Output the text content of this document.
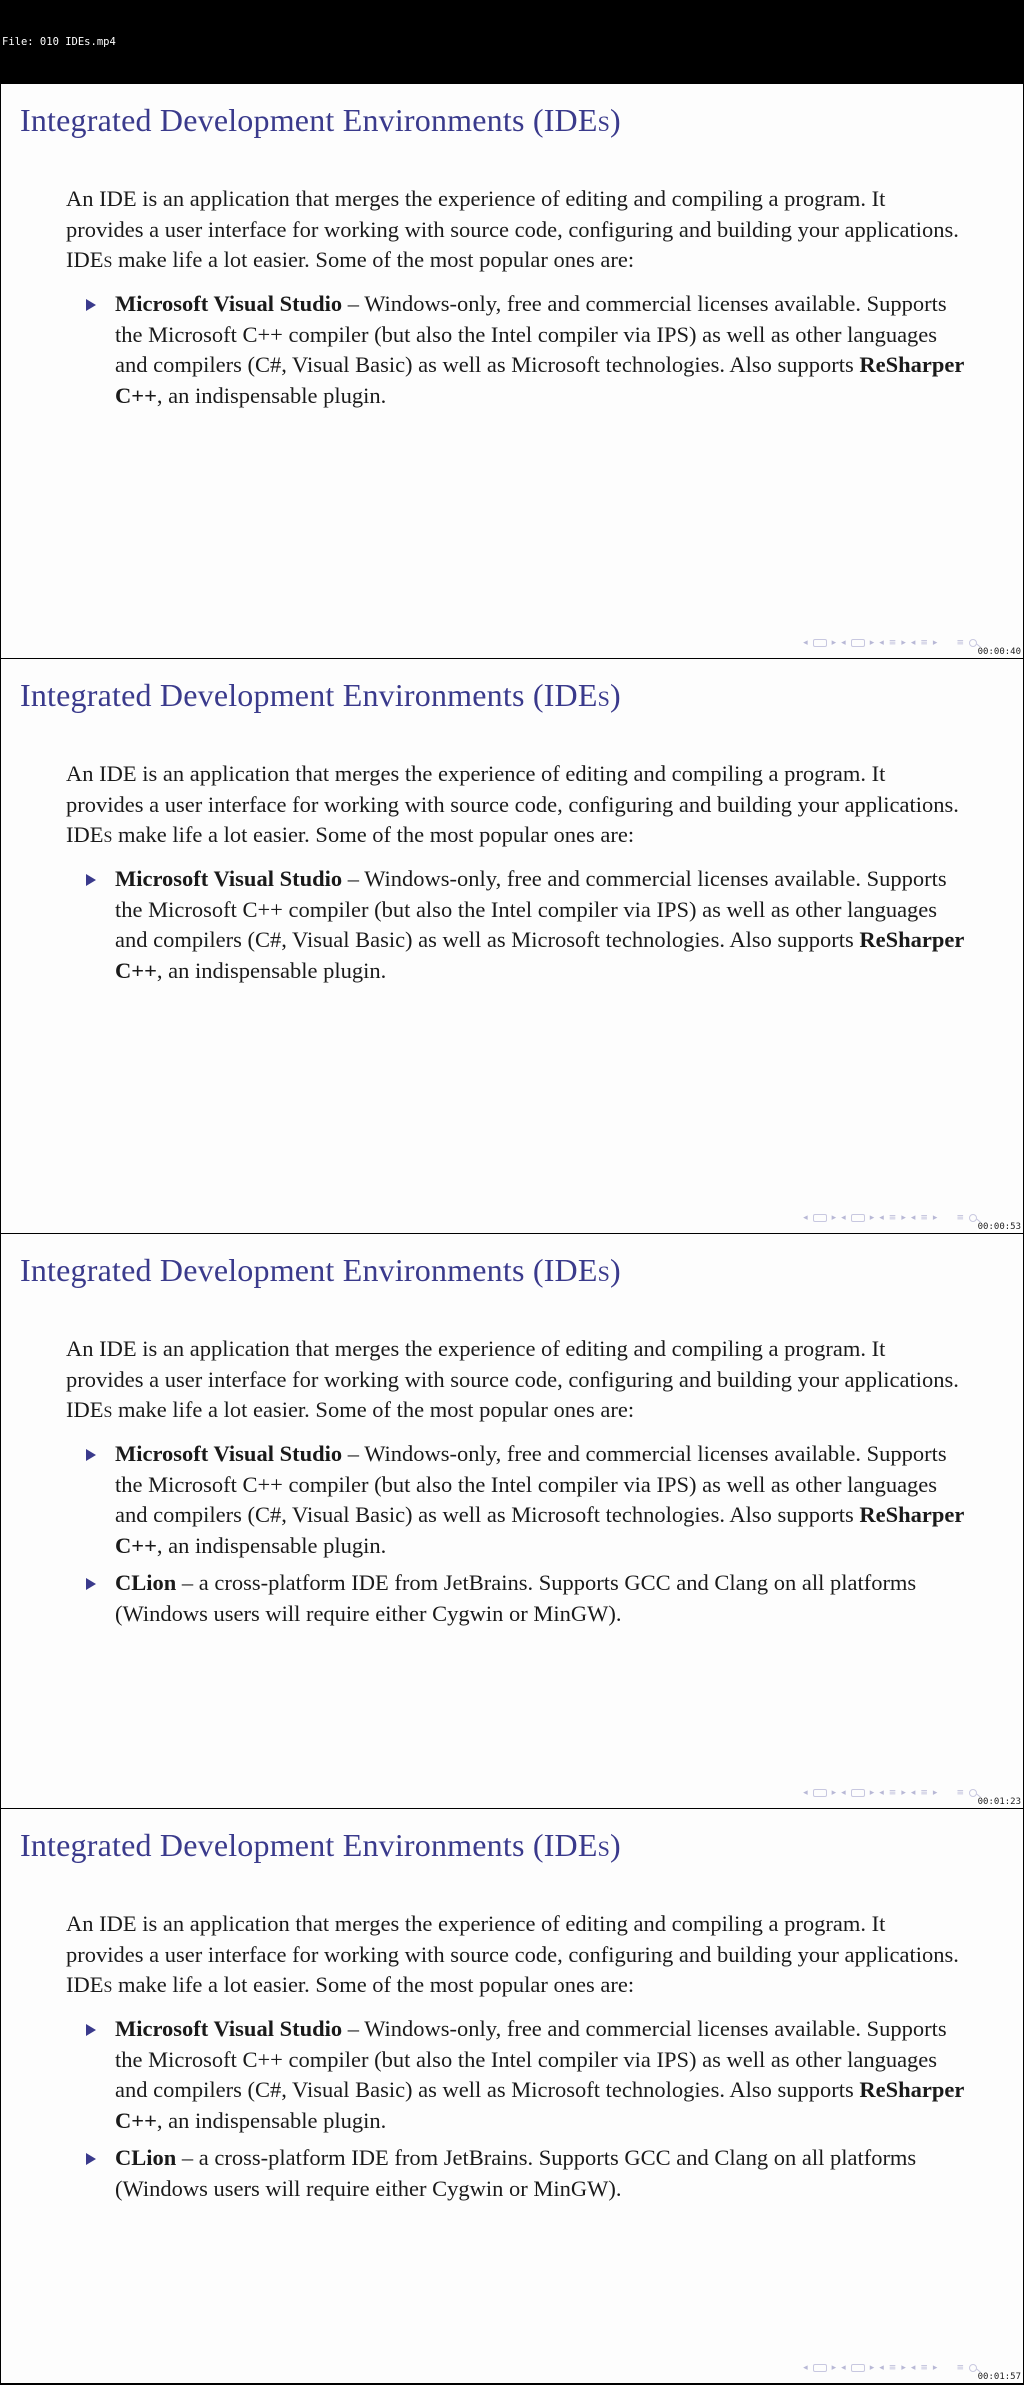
File: 010 IDEs.mp4

Integrated Development Environments (IDEs)
An IDE is an application that merges the experience of editing and compiling a program. It provides a user interface for working with source code, configuring and building your applications. IDEs make life a lot easier. Some of the most popular ones are:
Microsoft Visual Studio – Windows-only, free and commercial licenses available. Supports the Microsoft C++ compiler (but also the Intel compiler via IPS) as well as other languages and compilers (C#, Visual Basic) as well as Microsoft technologies. Also supports ReSharper C++, an indispensable plugin.
◂	▸ ◂	▸ ◂ ≡ ▸ ◂ ≡ ▸ ≡
00:00:40
Integrated Development Environments (IDEs)
An IDE is an application that merges the experience of editing and compiling a program. It provides a user interface for working with source code, configuring and building your applications. IDEs make life a lot easier. Some of the most popular ones are:
Microsoft Visual Studio – Windows-only, free and commercial licenses available. Supports the Microsoft C++ compiler (but also the Intel compiler via IPS) as well as other languages and compilers (C#, Visual Basic) as well as Microsoft technologies. Also supports ReSharper C++, an indispensable plugin.
◂	▸ ◂	▸ ◂ ≡ ▸ ◂ ≡ ▸ ≡
00:00:53
Integrated Development Environments (IDEs)
An IDE is an application that merges the experience of editing and compiling a program. It provides a user interface for working with source code, configuring and building your applications. IDEs make life a lot easier. Some of the most popular ones are:
Microsoft Visual Studio – Windows-only, free and commercial licenses available. Supports the Microsoft C++ compiler (but also the Intel compiler via IPS) as well as other languages and compilers (C#, Visual Basic) as well as Microsoft technologies. Also supports ReSharper C++, an indispensable plugin.
CLion – a cross-platform IDE from JetBrains. Supports GCC and Clang on all platforms (Windows users will require either Cygwin or MinGW).
◂	▸ ◂	▸ ◂ ≡ ▸ ◂ ≡ ▸ ≡
00:01:23
Integrated Development Environments (IDEs)
An IDE is an application that merges the experience of editing and compiling a program. It provides a user interface for working with source code, configuring and building your applications. IDEs make life a lot easier. Some of the most popular ones are:
Microsoft Visual Studio – Windows-only, free and commercial licenses available. Supports the Microsoft C++ compiler (but also the Intel compiler via IPS) as well as other languages and compilers (C#, Visual Basic) as well as Microsoft technologies. Also supports ReSharper C++, an indispensable plugin.
CLion – a cross-platform IDE from JetBrains. Supports GCC and Clang on all platforms (Windows users will require either Cygwin or MinGW).
◂	▸ ◂	▸ ◂ ≡ ▸ ◂ ≡ ▸ ≡
00:01:57
